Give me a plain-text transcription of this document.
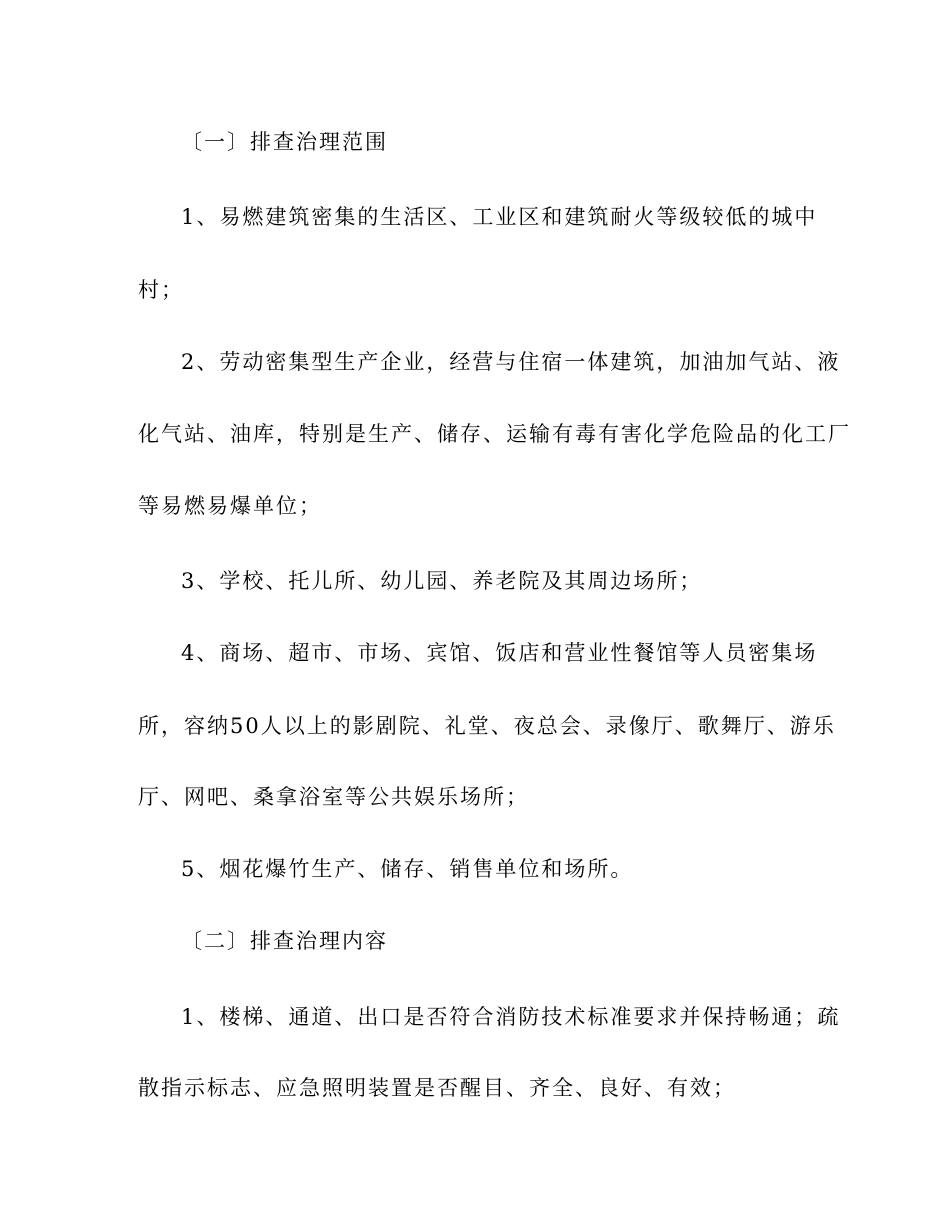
〔一〕排查治理范围
1、易燃建筑密集的生活区、工业区和建筑耐火等级较低的城中
村；
2、劳动密集型生产企业，经营与住宿一体建筑，加油加气站、液
化气站、油库，特别是生产、储存、运输有毒有害化学危险品的化工厂
等易燃易爆单位；
3、学校、托儿所、幼儿园、养老院及其周边场所；
4、商场、超市、市场、宾馆、饭店和营业性餐馆等人员密集场
所，容纳50人以上的影剧院、礼堂、夜总会、录像厅、歌舞厅、游乐
厅、网吧、桑拿浴室等公共娱乐场所；
5、烟花爆竹生产、储存、销售单位和场所。
〔二〕排查治理内容
1、楼梯、通道、出口是否符合消防技术标准要求并保持畅通；疏
散指示标志、应急照明装置是否醒目、齐全、良好、有效；
